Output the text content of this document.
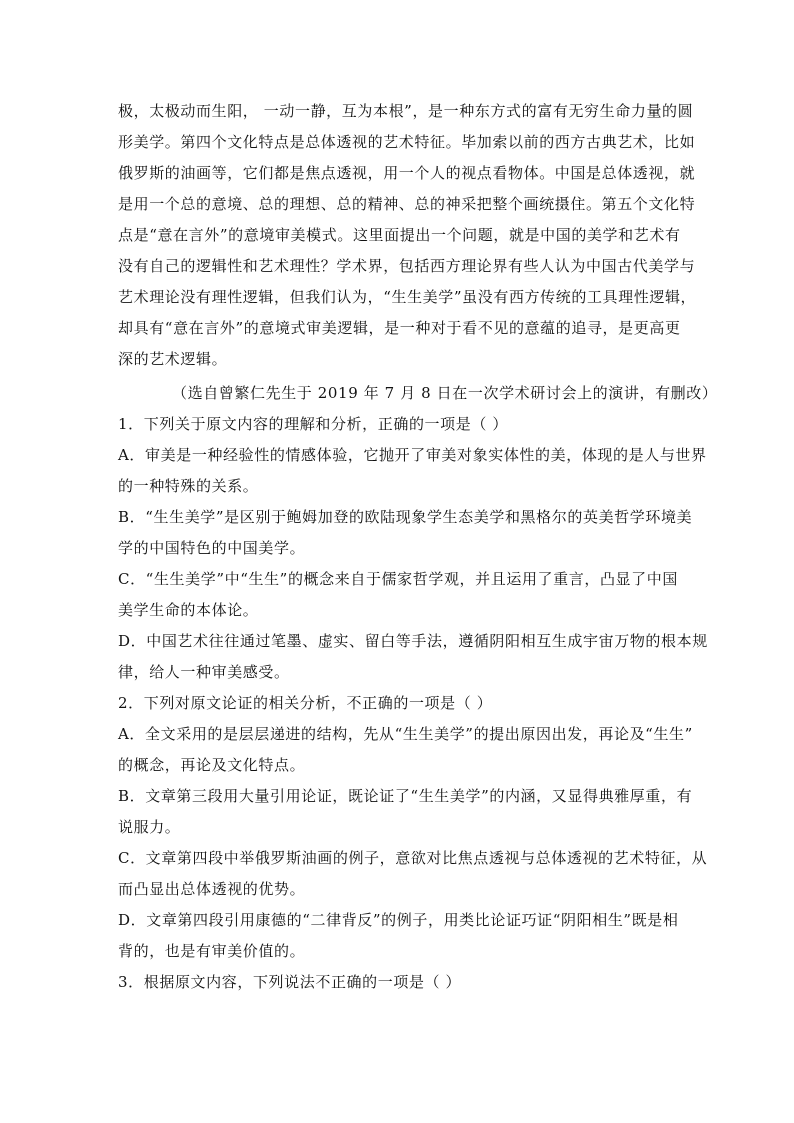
极，太极动而生阳， 一动一静，互为本根”，是一种东方式的富有无穷生命力量的圆
形美学。第四个文化特点是总体透视的艺术特征。毕加索以前的西方古典艺术，比如
俄罗斯的油画等，它们都是焦点透视，用一个人的视点看物体。中国是总体透视，就
是用一个总的意境、总的理想、总的精神、总的神采把整个画统摄住。第五个文化特
点是“意在言外”的意境审美模式。这里面提出一个问题，就是中国的美学和艺术有
没有自己的逻辑性和艺术理性？学术界，包括西方理论界有些人认为中国古代美学与
艺术理论没有理性逻辑，但我们认为，“生生美学”虽没有西方传统的工具理性逻辑，
却具有“意在言外”的意境式审美逻辑，是一种对于看不见的意蕴的追寻，是更高更
深的艺术逻辑。
（选自曾繁仁先生于 2019 年 7 月 8 日在一次学术研讨会上的演讲，有删改）
1．下列关于原文内容的理解和分析，正确的一项是（ ）
A．审美是一种经验性的情感体验，它抛开了审美对象实体性的美，体现的是人与世界
的一种特殊的关系。
B．“生生美学”是区别于鲍姆加登的欧陆现象学生态美学和黑格尔的英美哲学环境美
学的中国特色的中国美学。
C．“生生美学”中“生生”的概念来自于儒家哲学观，并且运用了重言，凸显了中国
美学生命的本体论。
D．中国艺术往往通过笔墨、虚实、留白等手法，遵循阴阳相互生成宇宙万物的根本规
律，给人一种审美感受。
2．下列对原文论证的相关分析，不正确的一项是（ ）
A．全文采用的是层层递进的结构，先从“生生美学”的提出原因出发，再论及“生生”
的概念，再论及文化特点。
B．文章第三段用大量引用论证，既论证了“生生美学”的内涵，又显得典雅厚重，有
说服力。
C．文章第四段中举俄罗斯油画的例子，意欲对比焦点透视与总体透视的艺术特征，从
而凸显出总体透视的优势。
D．文章第四段引用康德的“二律背反”的例子，用类比论证巧证“阴阳相生”既是相
背的，也是有审美价值的。
3．根据原文内容，下列说法不正确的一项是（ ）
